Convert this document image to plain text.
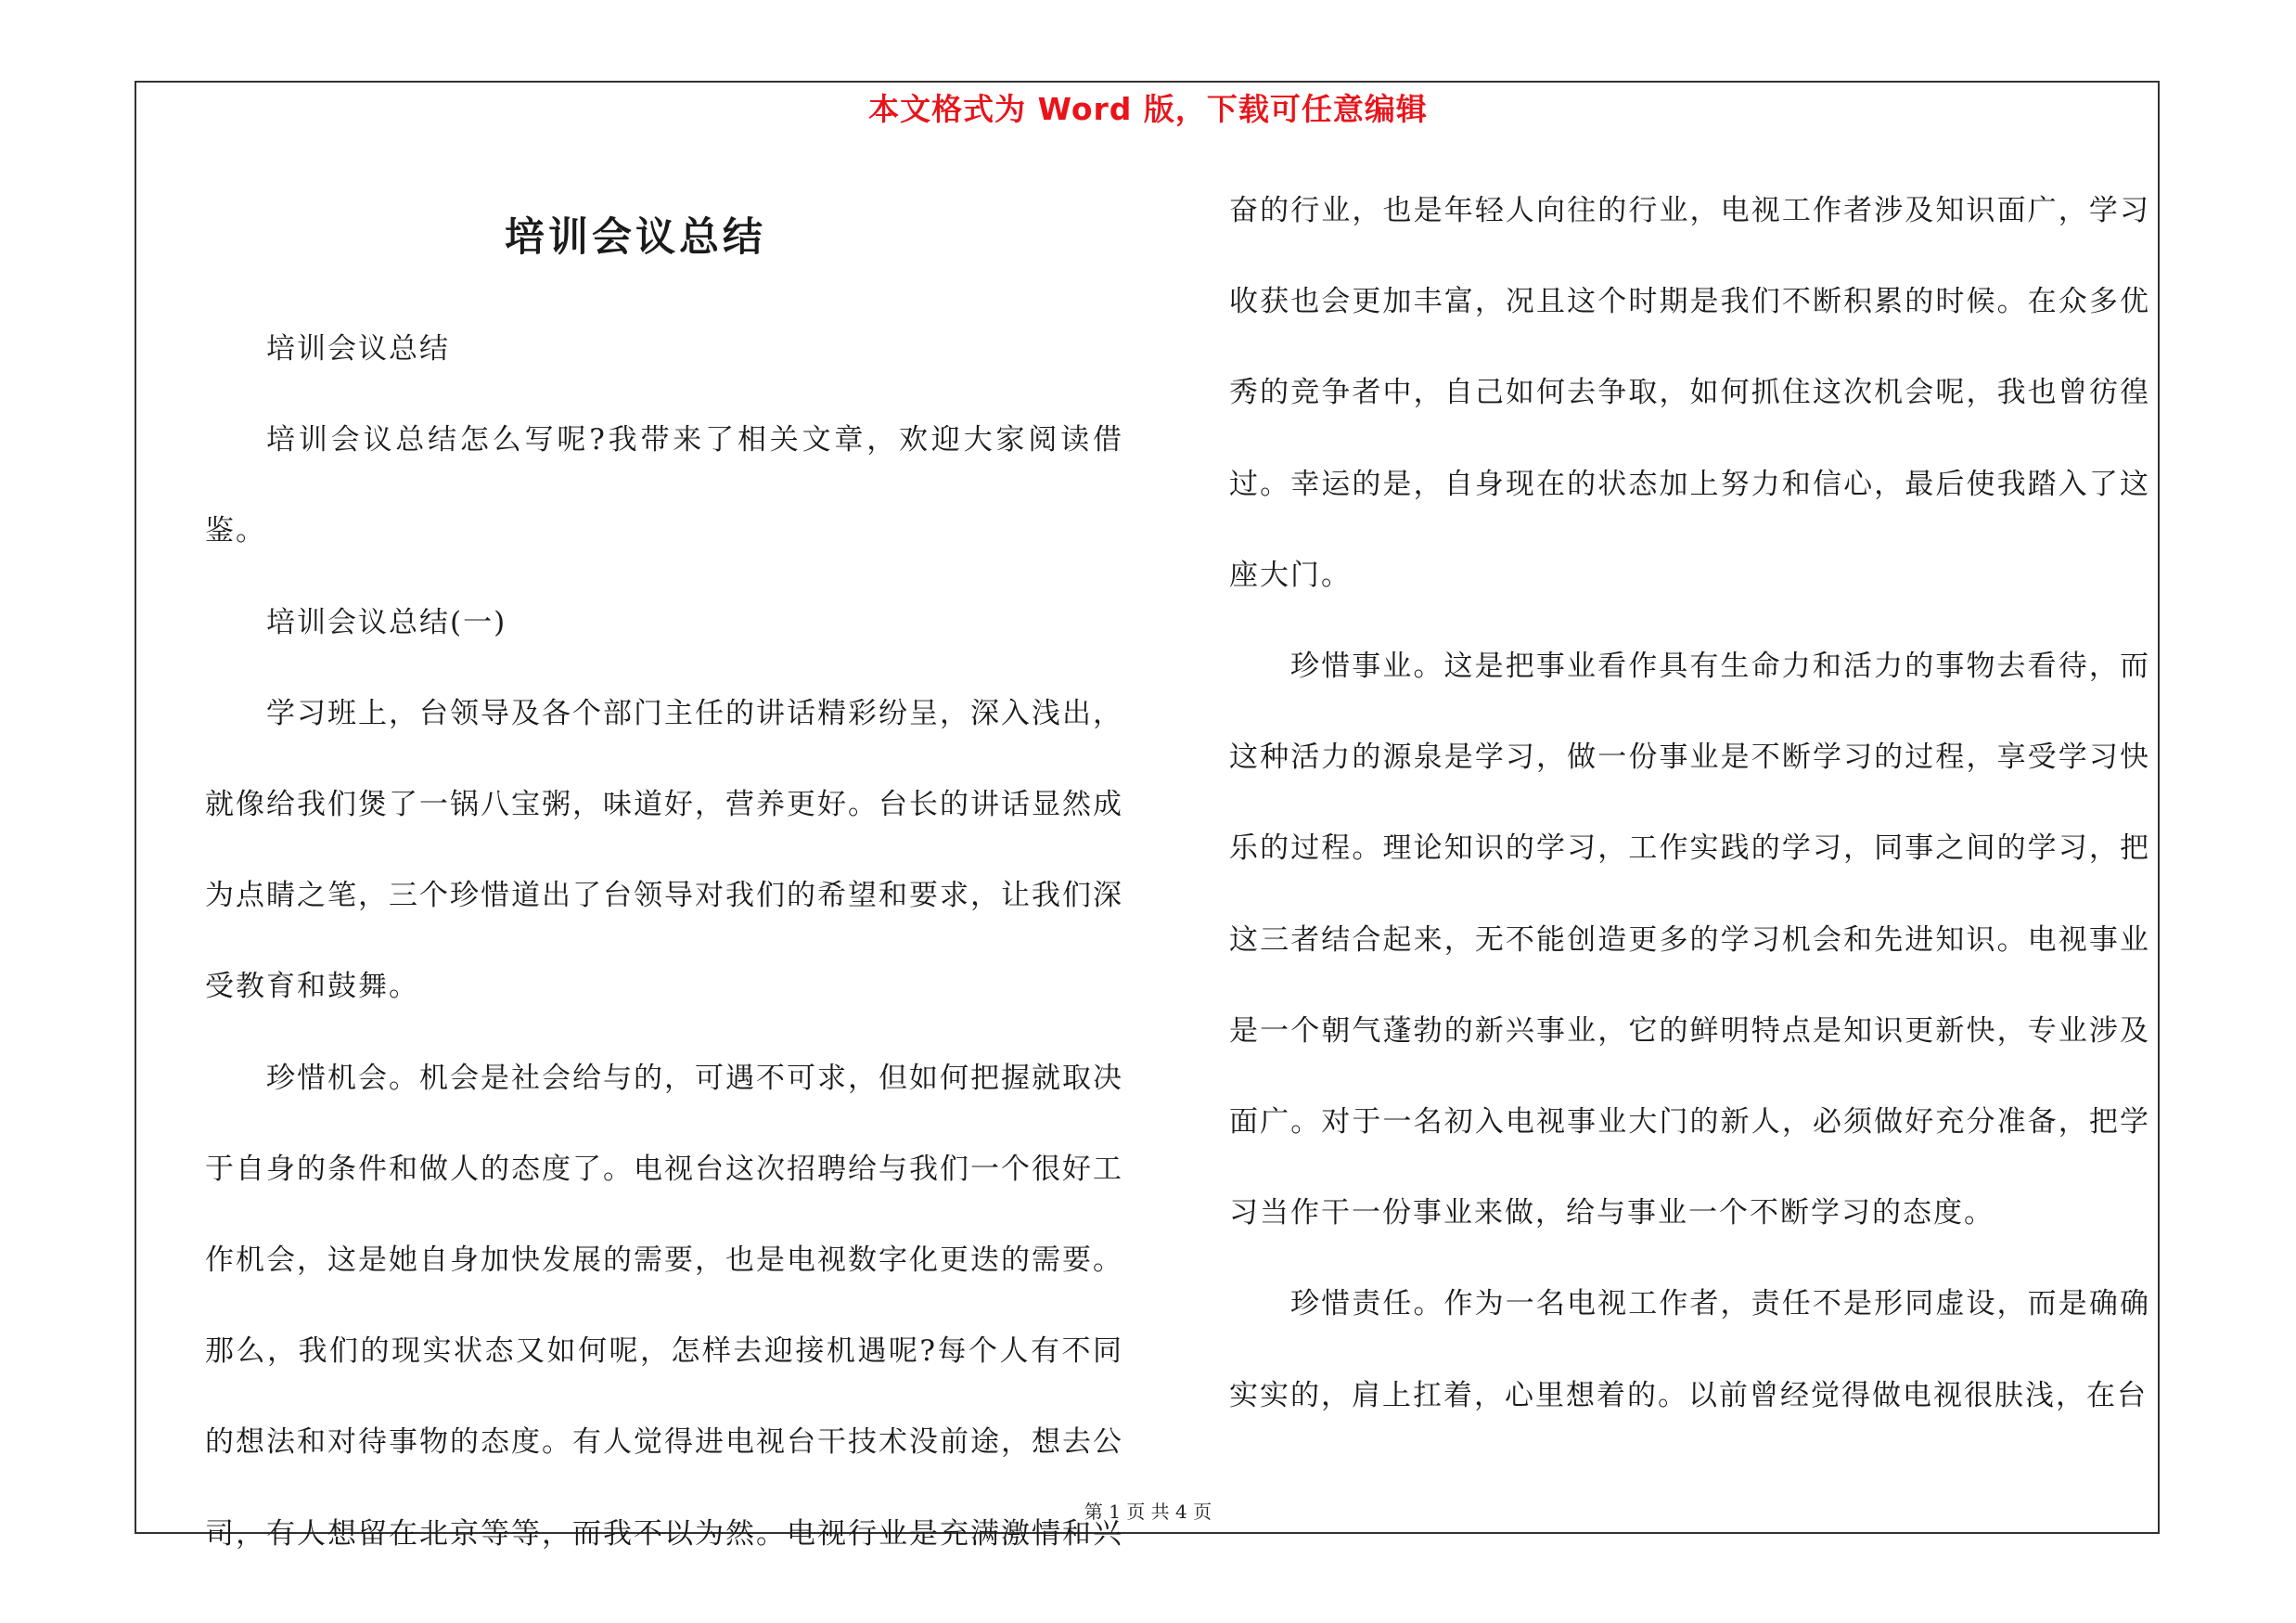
本文格式为 Word 版，下载可任意编辑
培训会议总结

培训会议总结

培训会议总结怎么写呢?我带来了相关文章，欢迎大家阅读借鉴。

培训会议总结(一)

学习班上，台领导及各个部门主任的讲话精彩纷呈，深入浅出，就像给我们煲了一锅八宝粥，味道好，营养更好。台长的讲话显然成为点睛之笔，三个珍惜道出了台领导对我们的希望和要求，让我们深受教育和鼓舞。

珍惜机会。机会是社会给与的，可遇不可求，但如何把握就取决于自身的条件和做人的态度了。电视台这次招聘给与我们一个很好工作机会，这是她自身加快发展的需要，也是电视数字化更迭的需要。那么，我们的现实状态又如何呢，怎样去迎接机遇呢?每个人有不同的想法和对待事物的态度。有人觉得进电视台干技术没前途，想去公司，有人想留在北京等等，而我不以为然。电视行业是充满激情和兴

奋的行业，也是年轻人向往的行业，电视工作者涉及知识面广，学习收获也会更加丰富，况且这个时期是我们不断积累的时候。在众多优秀的竞争者中，自己如何去争取，如何抓住这次机会呢，我也曾彷徨过。幸运的是，自身现在的状态加上努力和信心，最后使我踏入了这座大门。

珍惜事业。这是把事业看作具有生命力和活力的事物去看待，而这种活力的源泉是学习，做一份事业是不断学习的过程，享受学习快乐的过程。理论知识的学习，工作实践的学习，同事之间的学习，把这三者结合起来，无不能创造更多的学习机会和先进知识。电视事业是一个朝气蓬勃的新兴事业，它的鲜明特点是知识更新快，专业涉及面广。对于一名初入电视事业大门的新人，必须做好充分准备，把学习当作干一份事业来做，给与事业一个不断学习的态度。

珍惜责任。作为一名电视工作者，责任不是形同虚设，而是确确实实的，肩上扛着，心里想着的。以前曾经觉得做电视很肤浅，在台

第 1 页 共 4 页
